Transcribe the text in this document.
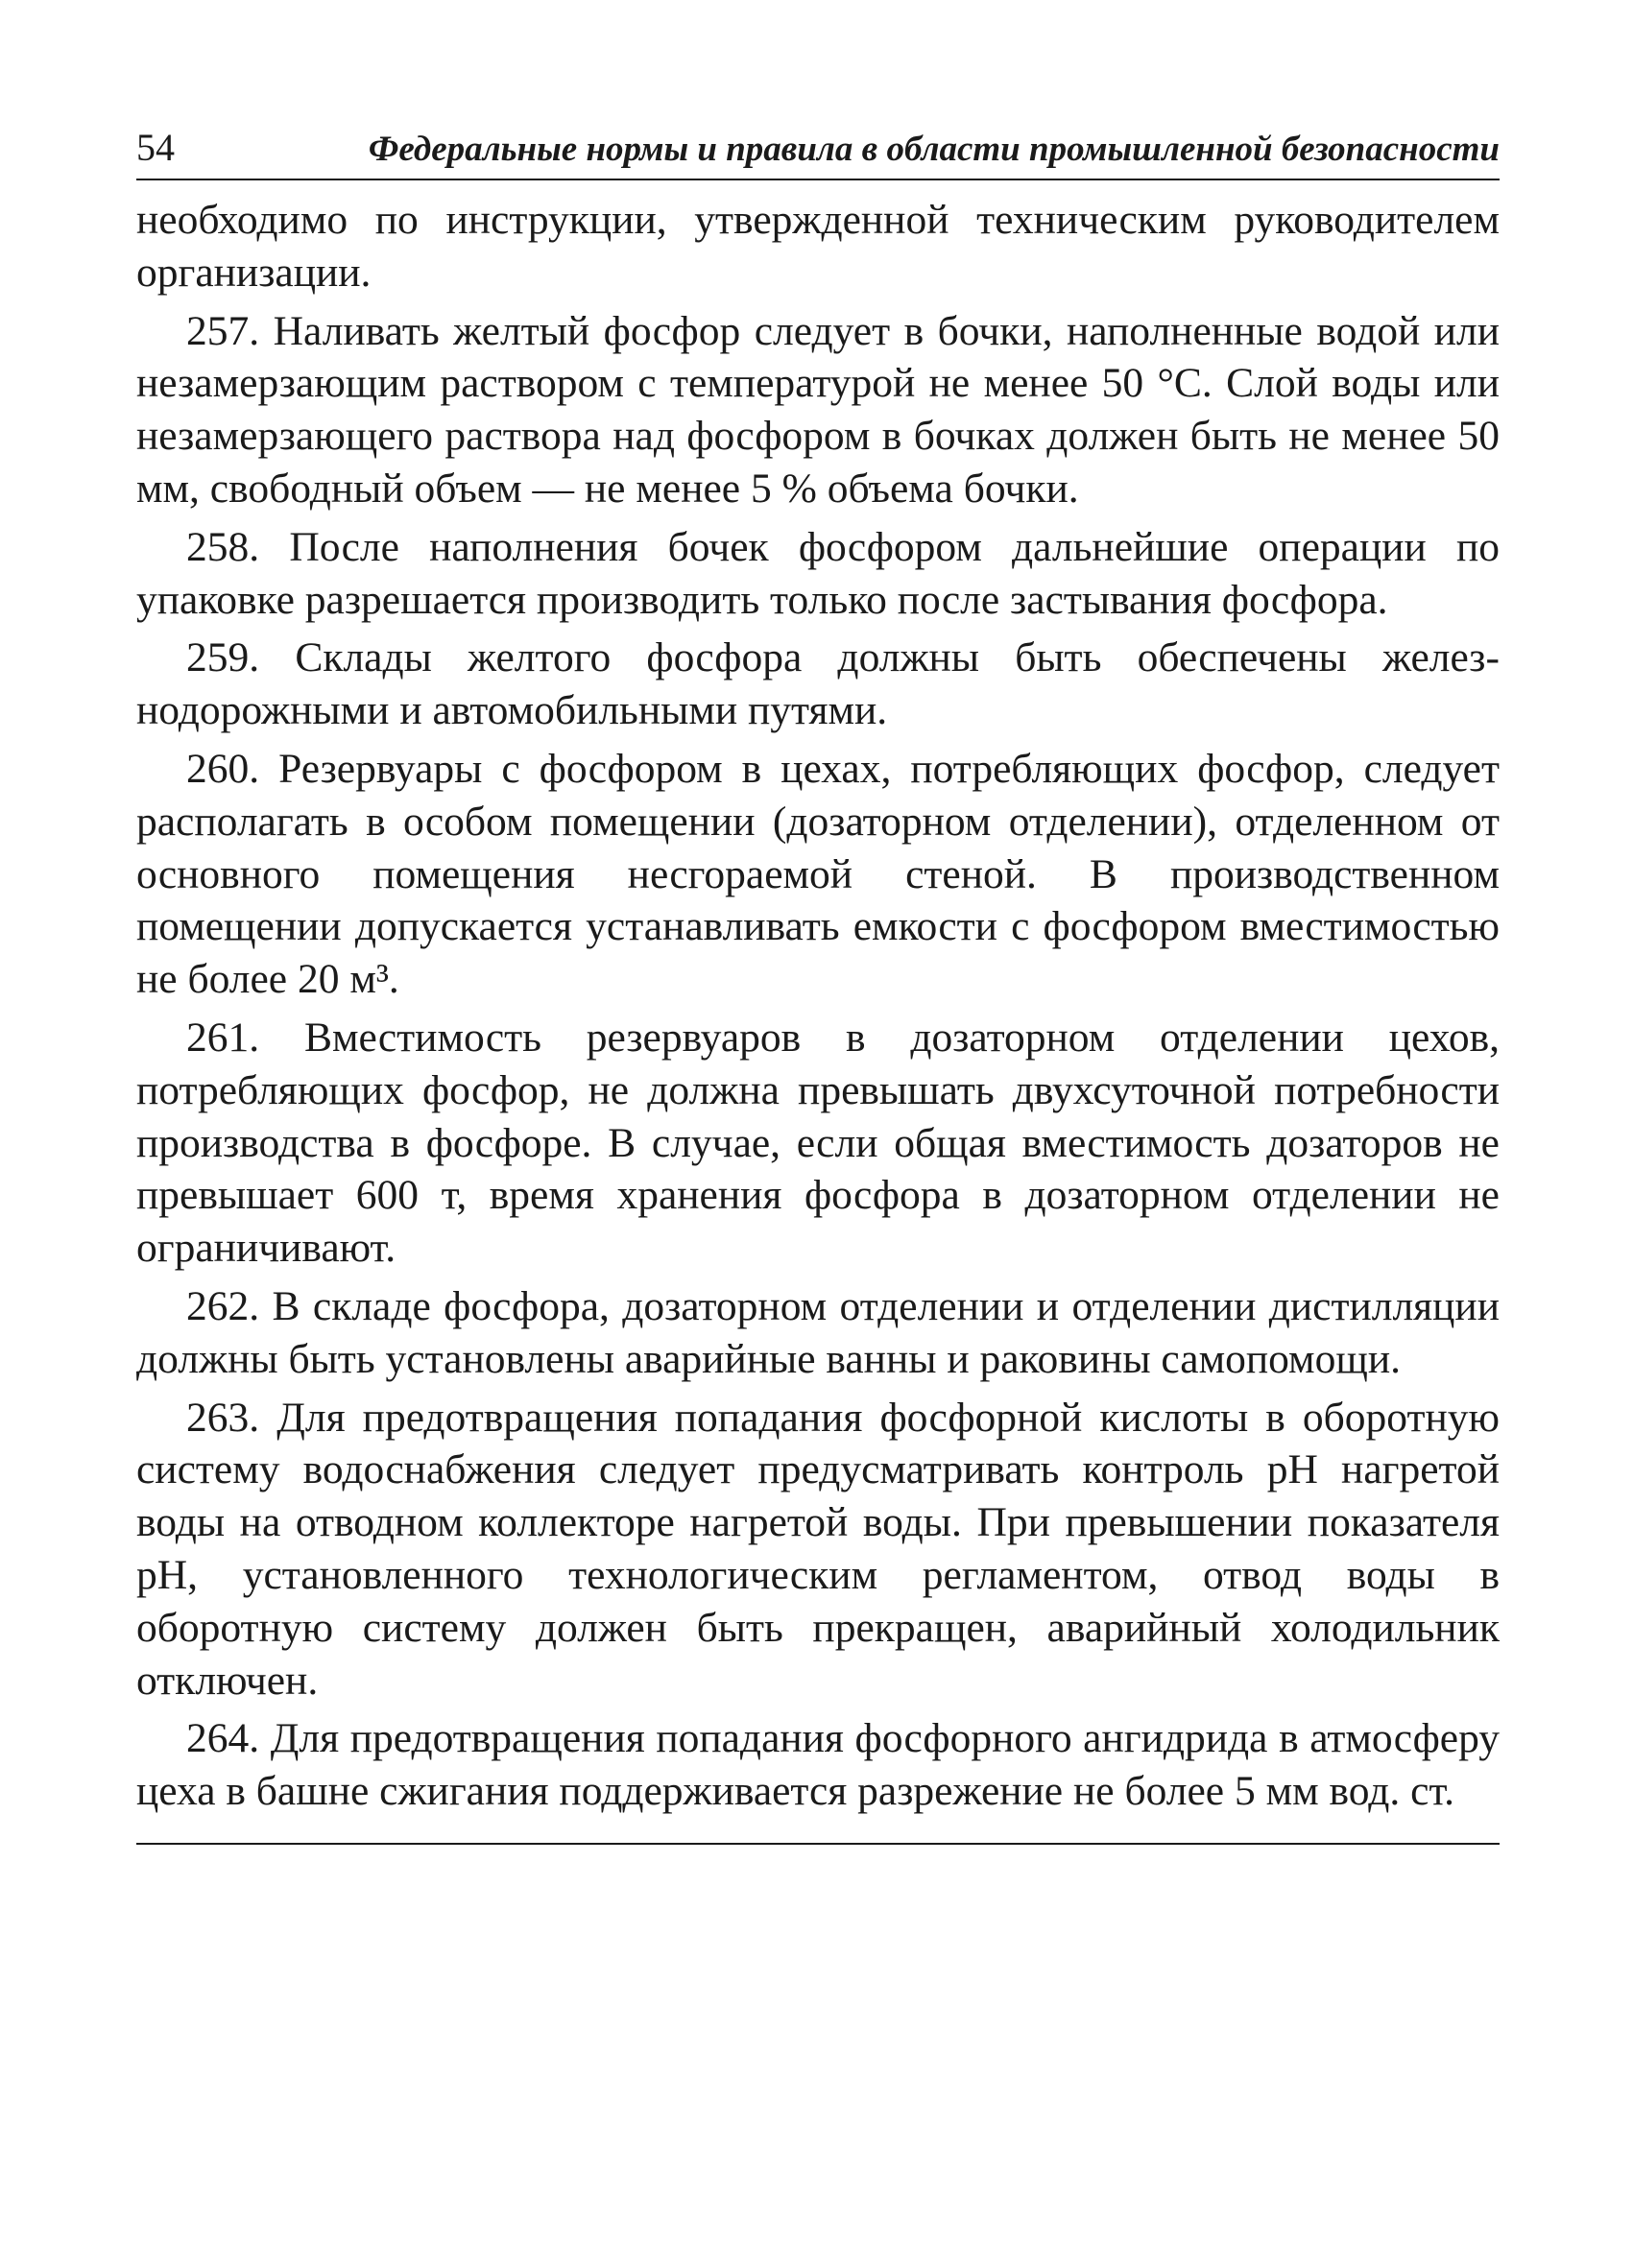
54	Федеральные нормы и правила в области промышленной безопасности

необходимо по инструкции, утвержденной техническим руководителем организации.

257. Наливать желтый фосфор следует в бочки, наполненные водой или незамерзающим раствором с температурой не менее 50 °С. Слой воды или незамерзающего раствора над фосфором в бочках должен быть не менее 50 мм, свободный объем — не менее 5 % объема бочки.

258. После наполнения бочек фосфором дальнейшие операции по упаковке разрешается производить только после застывания фосфора.

259. Склады желтого фосфора должны быть обеспечены железнодорожными и автомобильными путями.

260. Резервуары с фосфором в цехах, потребляющих фосфор, следует располагать в особом помещении (дозаторном отделении), отделенном от основного помещения несгораемой стеной. В производственном помещении допускается устанавливать емкости с фосфором вместимостью не более 20 м³.

261. Вместимость резервуаров в дозаторном отделении цехов, потребляющих фосфор, не должна превышать двухсуточной потребности производства в фосфоре. В случае, если общая вместимость дозаторов не превышает 600 т, время хранения фосфора в дозаторном отделении не ограничивают.

262. В складе фосфора, дозаторном отделении и отделении дистилляции должны быть установлены аварийные ванны и раковины самопомощи.

263. Для предотвращения попадания фосфорной кислоты в оборотную систему водоснабжения следует предусматривать контроль рН нагретой воды на отводном коллекторе нагретой воды. При превышении показателя рН, установленного технологическим регламентом, отвод воды в оборотную систему должен быть прекращен, аварийный холодильник отключен.

264. Для предотвращения попадания фосфорного ангидрида в атмосферу цеха в башне сжигания поддерживается разрежение не более 5 мм вод. ст.
